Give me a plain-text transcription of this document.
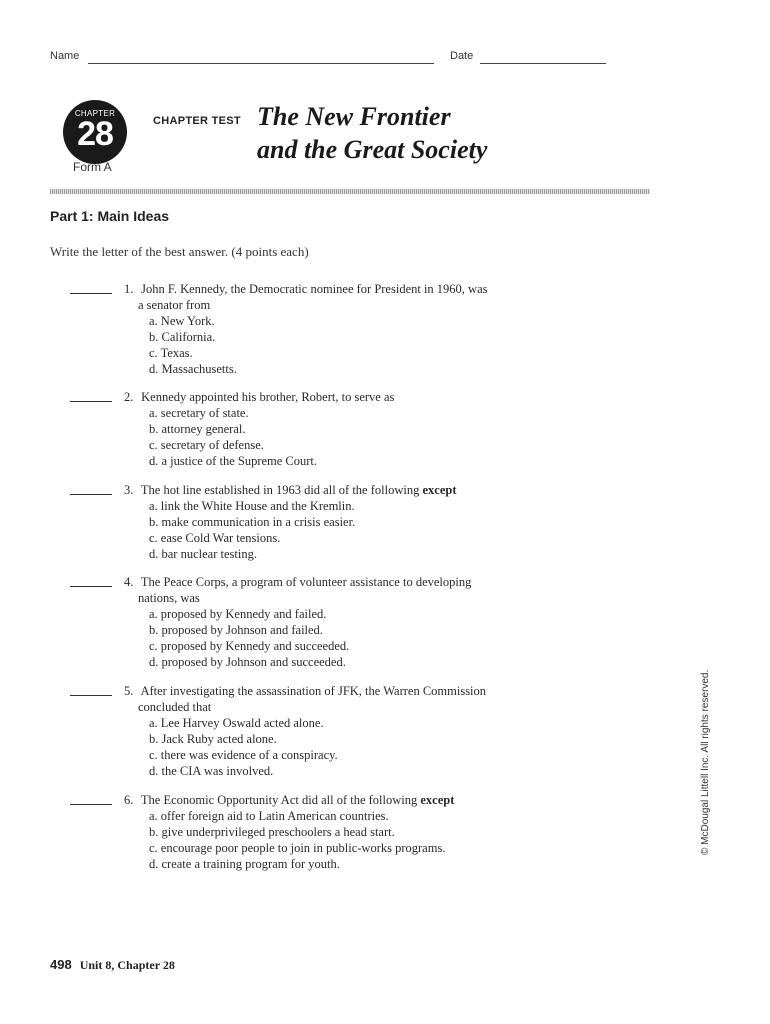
Name	Date
CHAPTER
28
Form A
CHAPTER TEST The New Frontier
and the Great Society
Part 1: Main Ideas
Write the letter of the best answer. (4 points each)
1. John F. Kennedy, the Democratic nominee for President in 1960, was
a senator from
a. New York.
b. California.
c. Texas.
d. Massachusetts.
2. Kennedy appointed his brother, Robert, to serve as
a. secretary of state.
b. attorney general.
c. secretary of defense.
d. a justice of the Supreme Court.
3. The hot line established in 1963 did all of the following except
a. link the White House and the Kremlin.
b. make communication in a crisis easier.
c. ease Cold War tensions.
d. bar nuclear testing.
4. The Peace Corps, a program of volunteer assistance to developing
nations, was
a. proposed by Kennedy and failed.
b. proposed by Johnson and failed.
c. proposed by Kennedy and succeeded.
d. proposed by Johnson and succeeded.
5. After investigating the assassination of JFK, the Warren Commission
concluded that
a. Lee Harvey Oswald acted alone.
b. Jack Ruby acted alone.
c. there was evidence of a conspiracy.
d. the CIA was involved.
6. The Economic Opportunity Act did all of the following except
a. offer foreign aid to Latin American countries.
b. give underprivileged preschoolers a head start.
c. encourage poor people to join in public-works programs.
d. create a training program for youth.
© McDougal Littell Inc. All rights reserved.
498 Unit 8, Chapter 28
